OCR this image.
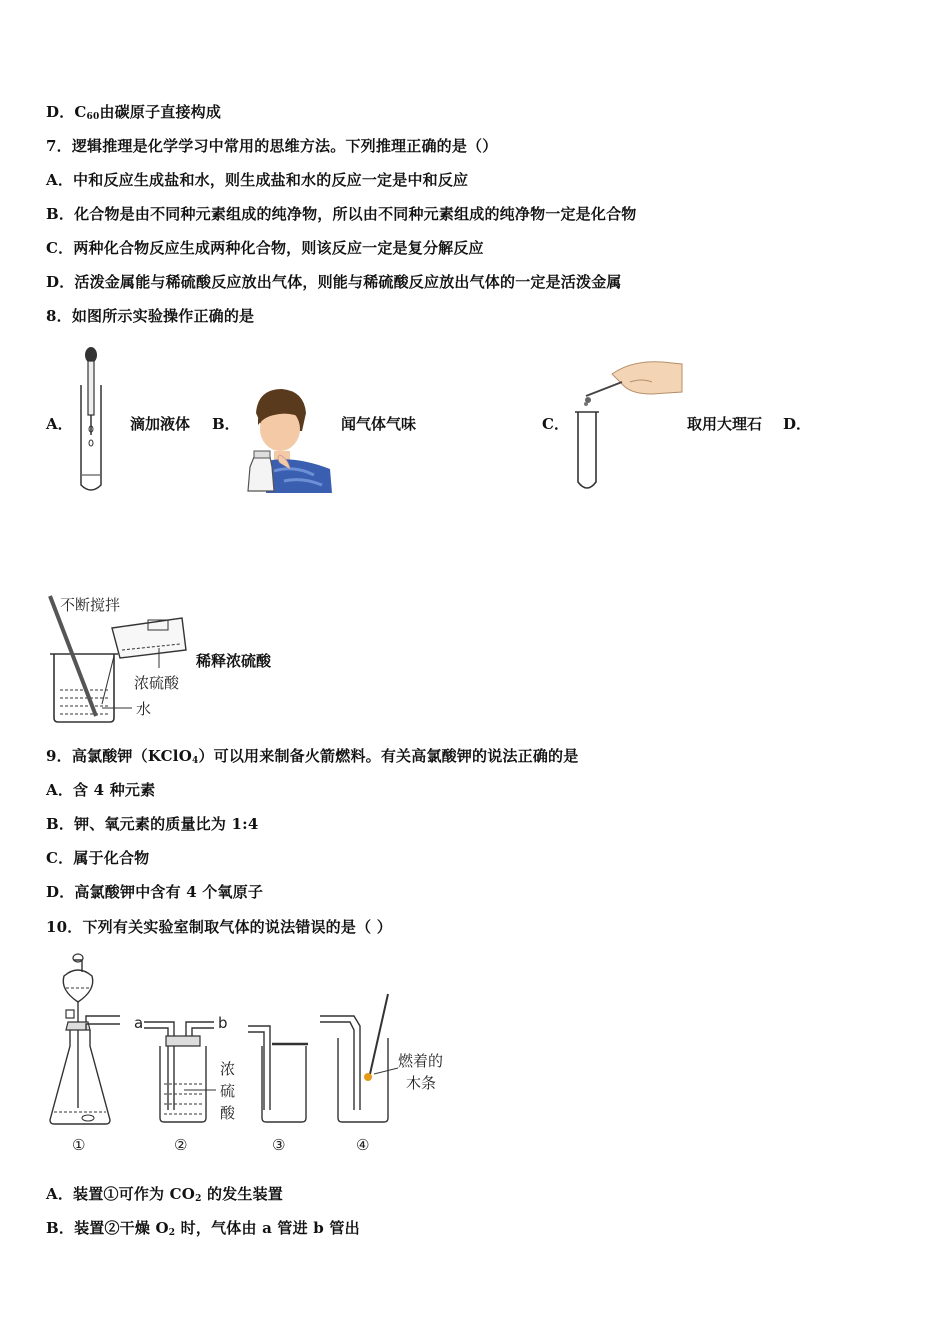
D．$C_{60}$由碳原子直接构成
7．逻辑推理是化学学习中常用的思维方法。下列推理正确的是（）
A．中和反应生成盐和水，则生成盐和水的反应一定是中和反应
B．化合物是由不同种元素组成的纯净物，所以由不同种元素组成的纯净物一定是化合物
C．两种化合物反应生成两种化合物，则该反应一定是复分解反应
D．活泼金属能与稀硫酸反应放出气体，则能与稀硫酸反应放出气体的一定是活泼金属
8．如图所示实验操作正确的是
A．	滴加液体 B．	闻气体气味	C．	取用大理石 D．
不断搅拌
浓硫酸
水
稀释浓硫酸
9．高氯酸钾（KClO$_4$）可以用来制备火箭燃料。有关高氯酸钾的说法正确的是
A．含 4 种元素
B．钾、氧元素的质量比为 1:4
C．属于化合物
D．高氯酸钾中含有 4 个氧原子
10．下列有关实验室制取气体的说法错误的是（ ）
①
a	b
浓
硫
酸
②	③
燃着的
木条
④
A．装置①可作为 $CO_2$ 的发生装置
B．装置②干燥 $O_2$ 时，气体由 a 管进 b 管出
